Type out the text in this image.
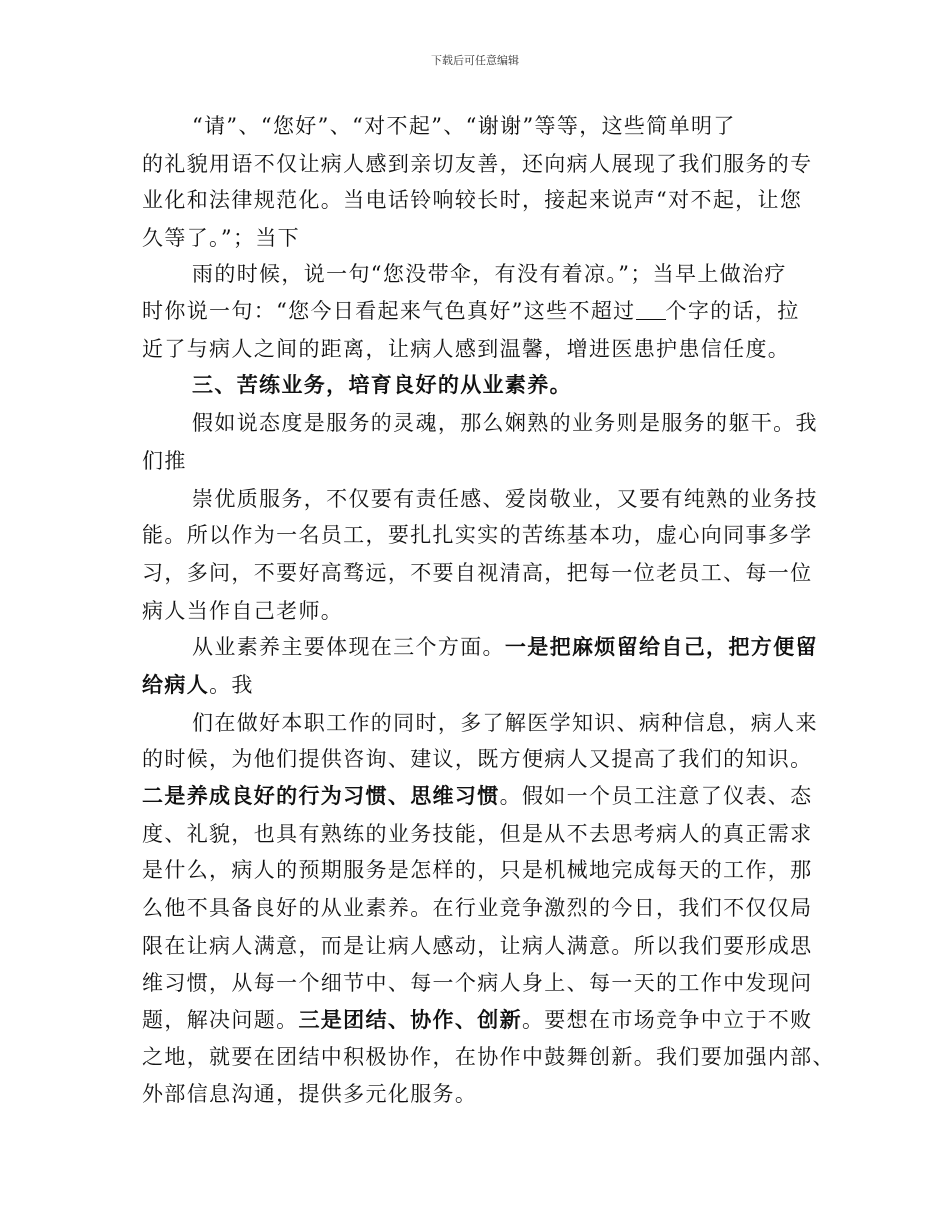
下载后可任意编辑
“请”、“您好”、“对不起”、“谢谢”等等，这些简单明了
的礼貌用语不仅让病人感到亲切友善，还向病人展现了我们服务的专
业化和法律规范化。当电话铃响较长时，接起来说声“对不起，让您
久等了。”；当下
雨的时候，说一句“您没带伞，有没有着凉。”；当早上做治疗
时你说一句：“您今日看起来气色真好”这些不超过 个字的话，拉
近了与病人之间的距离，让病人感到温馨，增进医患护患信任度。
三、苦练业务，培育良好的从业素养。
假如说态度是服务的灵魂，那么娴熟的业务则是服务的躯干。我
们推
崇优质服务，不仅要有责任感、爱岗敬业，又要有纯熟的业务技
能。所以作为一名员工，要扎扎实实的苦练基本功，虚心向同事多学
习，多问，不要好高骛远，不要自视清高，把每一位老员工、每一位
病人当作自己老师。
从业素养主要体现在三个方面。一是把麻烦留给自己，把方便留
给病人。我
们在做好本职工作的同时，多了解医学知识、病种信息，病人来
的时候，为他们提供咨询、建议，既方便病人又提高了我们的知识。
二是养成良好的行为习惯、思维习惯。假如一个员工注意了仪表、态
度、礼貌，也具有熟练的业务技能，但是从不去思考病人的真正需求
是什么，病人的预期服务是怎样的，只是机械地完成每天的工作，那
么他不具备良好的从业素养。在行业竞争激烈的今日，我们不仅仅局
限在让病人满意，而是让病人感动，让病人满意。所以我们要形成思
维习惯，从每一个细节中、每一个病人身上、每一天的工作中发现问
题，解决问题。三是团结、协作、创新。要想在市场竞争中立于不败
之地，就要在团结中积极协作，在协作中鼓舞创新。我们要加强内部、
外部信息沟通，提供多元化服务。
